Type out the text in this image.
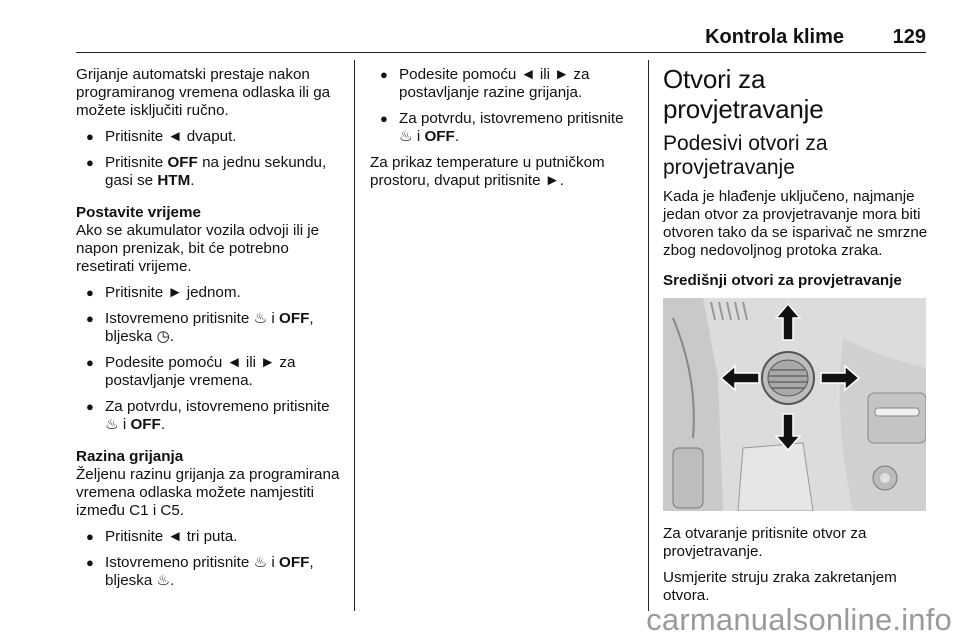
Kontrola klime 129

Grijanje automatski prestaje nakon programiranog vremena odlaska ili ga možete isključiti ručno.

● Pritisnite ◄ dvaput.
● Pritisnite OFF na jednu sekundu, gasi se HTM.

Postavite vrijeme

Ako se akumulator vozila odvoji ili je napon prenizak, bit će potrebno resetirati vrijeme.

● Pritisnite ► jednom.
● Istovremeno pritisnite ♨ i OFF, bljeska ◷.
● Podesite pomoću ◄ ili ► za postavljanje vremena.
● Za potvrdu, istovremeno pritisnite ♨ i OFF.

Razina grijanja

Željenu razinu grijanja za programirana vremena odlaska možete namjestiti između C1 i C5.

● Pritisnite ◄ tri puta.
● Istovremeno pritisnite ♨ i OFF, bljeska ♨.
● Podesite pomoću ◄ ili ► za postavljanje razine grijanja.
● Za potvrdu, istovremeno pritisnite ♨ i OFF.

Za prikaz temperature u putničkom prostoru, dvaput pritisnite ►.

Otvori za provjetravanje

Podesivi otvori za provjetravanje

Kada je hlađenje uključeno, najmanje jedan otvor za provjetravanje mora biti otvoren tako da se isparivač ne smrzne zbog nedovoljnog protoka zraka.

Središnji otvori za provjetravanje

Za otvaranje pritisnite otvor za provjetravanje.

Usmjerite struju zraka zakretanjem otvora.

carmanualsonline.info
